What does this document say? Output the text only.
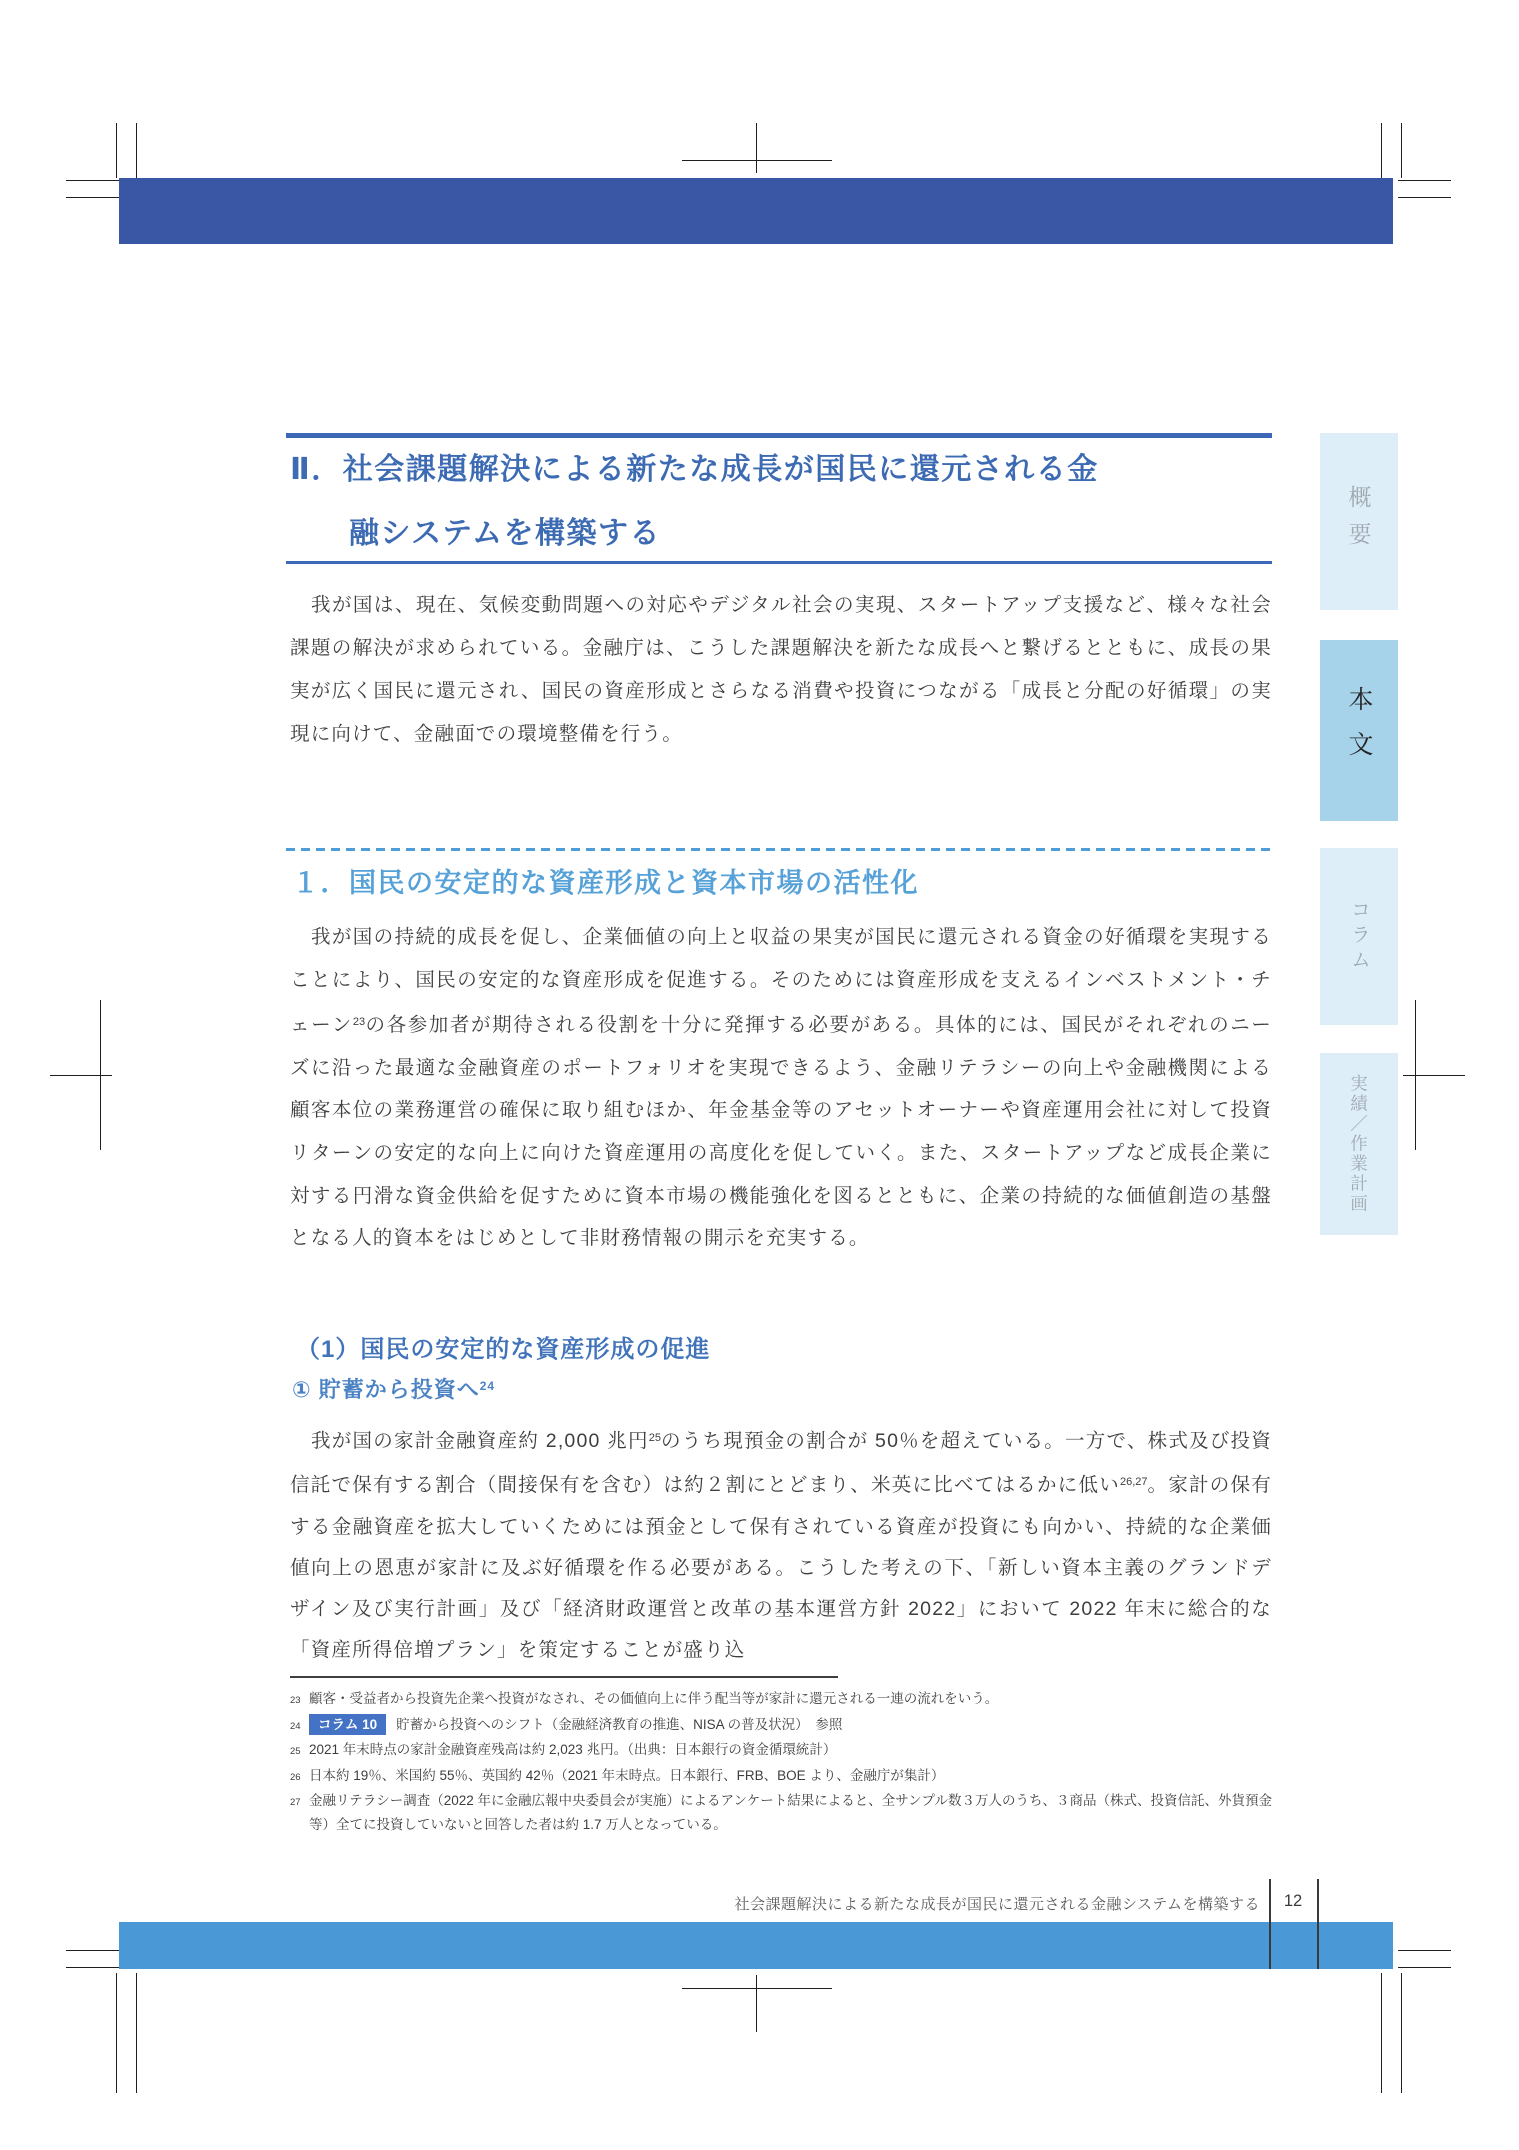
Ⅱ．社会課題解決による新たな成長が国民に還元される金
融システムを構築する

我が国は、現在、気候変動問題への対応やデジタル社会の実現、スタートアップ支援など、様々な社会課題の解決が求められている。金融庁は、こうした課題解決を新たな成長へと繋げるとともに、成長の果実が広く国民に還元され、国民の資産形成とさらなる消費や投資につながる「成長と分配の好循環」の実現に向けて、金融面での環境整備を行う。

１．国民の安定的な資産形成と資本市場の活性化

我が国の持続的成長を促し、企業価値の向上と収益の果実が国民に還元される資金の好循環を実現することにより、国民の安定的な資産形成を促進する。そのためには資産形成を支えるインベストメント・チェーン$^{23}$の各参加者が期待される役割を十分に発揮する必要がある。具体的には、国民がそれぞれのニーズに沿った最適な金融資産のポートフォリオを実現できるよう、金融リテラシーの向上や金融機関による顧客本位の業務運営の確保に取り組むほか、年金基金等のアセットオーナーや資産運用会社に対して投資リターンの安定的な向上に向けた資産運用の高度化を促していく。また、スタートアップなど成長企業に対する円滑な資金供給を促すために資本市場の機能強化を図るとともに、企業の持続的な価値創造の基盤となる人的資本をはじめとして非財務情報の開示を充実する。

（1）国民の安定的な資産形成の促進
① 貯蓄から投資へ$^{24}$

我が国の家計金融資産約 2,000 兆円$^{25}$のうち現預金の割合が 50％を超えている。一方で、株式及び投資信託で保有する割合（間接保有を含む）は約２割にとどまり、米英に比べてはるかに低い$^{26,27}$。家計の保有する金融資産を拡大していくためには預金として保有されている資産が投資にも向かい、持続的な企業価値向上の恩恵が家計に及ぶ好循環を作る必要がある。こうした考えの下、「新しい資本主義のグランドデザイン及び実行計画」及び「経済財政運営と改革の基本運営方針 2022」において 2022 年末に総合的な「資産所得倍増プラン」を策定することが盛り込

23 顧客・受益者から投資先企業へ投資がなされ、その価値向上に伴う配当等が家計に還元される一連の流れをいう。
24	コラム 10 貯蓄から投資へのシフト（金融経済教育の推進、NISA の普及状況）　参照
25 2021 年末時点の家計金融資産残高は約 2,023 兆円。（出典：日本銀行の資金循環統計）
26 日本約 19％、米国約 55％、英国約 42％（2021 年末時点。日本銀行、FRB、BOE より、金融庁が集計）
27 金融リテラシー調査（2022 年に金融広報中央委員会が実施）によるアンケート結果によると、全サンプル数３万人のうち、３商品（株式、投資信託、外貨預金等）全てに投資していないと回答した者は約 1.7 万人となっている。
社会課題解決による新たな成長が国民に還元される金融システムを構築する	12
概要
本文
コラム
実績／作業計画
